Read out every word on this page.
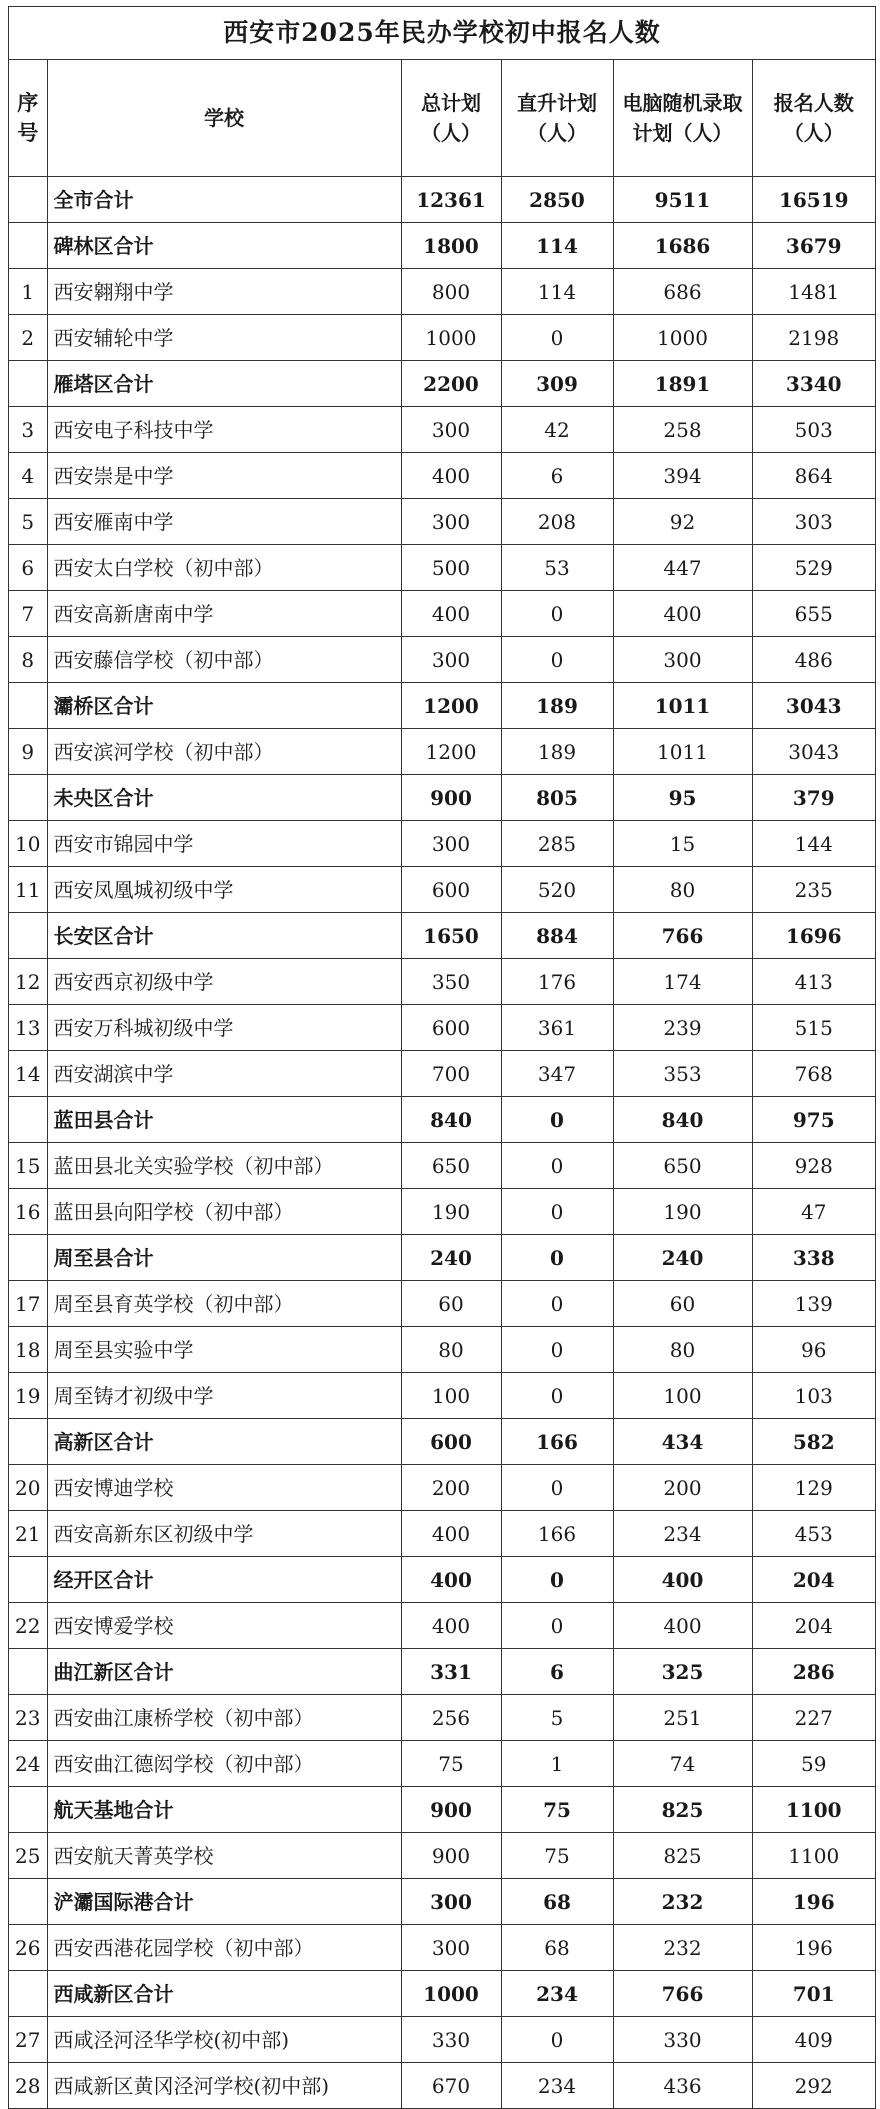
西安市2025年民办学校初中报名人数
序号	学校	总计划（人）	直升计划（人）	电脑随机录取计划（人）	报名人数（人）
	全市合计	12361	2850	9511	16519
	碑林区合计	1800	114	1686	3679
1	西安翱翔中学	800	114	686	1481
2	西安辅轮中学	1000	0	1000	2198
	雁塔区合计	2200	309	1891	3340
3	西安电子科技中学	300	42	258	503
4	西安崇是中学	400	6	394	864
5	西安雁南中学	300	208	92	303
6	西安太白学校（初中部）	500	53	447	529
7	西安高新唐南中学	400	0	400	655
8	西安藤信学校（初中部）	300	0	300	486
	灞桥区合计	1200	189	1011	3043
9	西安滨河学校（初中部）	1200	189	1011	3043
	未央区合计	900	805	95	379
10	西安市锦园中学	300	285	15	144
11	西安凤凰城初级中学	600	520	80	235
	长安区合计	1650	884	766	1696
12	西安西京初级中学	350	176	174	413
13	西安万科城初级中学	600	361	239	515
14	西安湖滨中学	700	347	353	768
	蓝田县合计	840	0	840	975
15	蓝田县北关实验学校（初中部）	650	0	650	928
16	蓝田县向阳学校（初中部）	190	0	190	47
	周至县合计	240	0	240	338
17	周至县育英学校（初中部）	60	0	60	139
18	周至县实验中学	80	0	80	96
19	周至铸才初级中学	100	0	100	103
	高新区合计	600	166	434	582
20	西安博迪学校	200	0	200	129
21	西安高新东区初级中学	400	166	234	453
	经开区合计	400	0	400	204
22	西安博爱学校	400	0	400	204
	曲江新区合计	331	6	325	286
23	西安曲江康桥学校（初中部）	256	5	251	227
24	西安曲江德闳学校（初中部）	75	1	74	59
	航天基地合计	900	75	825	1100
25	西安航天菁英学校	900	75	825	1100
	浐灞国际港合计	300	68	232	196
26	西安西港花园学校（初中部）	300	68	232	196
	西咸新区合计	1000	234	766	701
27	西咸泾河泾华学校(初中部)	330	0	330	409
28	西咸新区黄冈泾河学校(初中部)	670	234	436	292
